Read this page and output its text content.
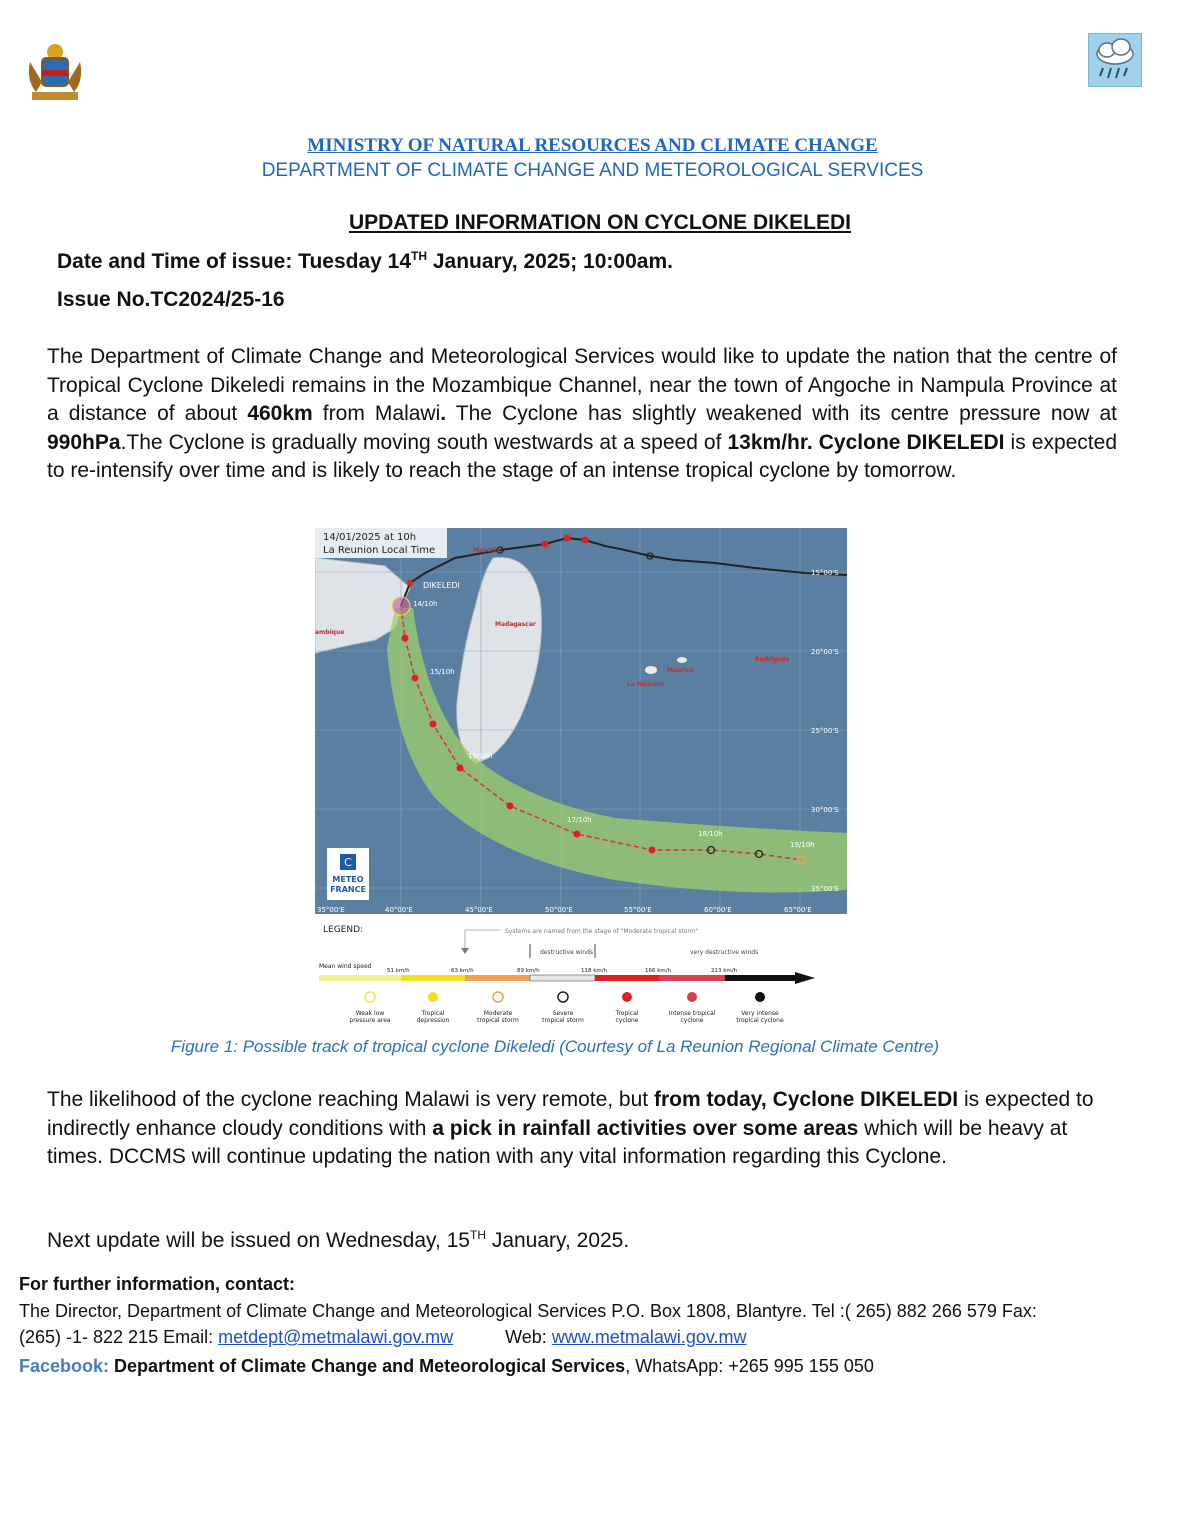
MINISTRY OF NATURAL RESOURCES AND CLIMATE CHANGE
DEPARTMENT OF CLIMATE CHANGE AND METEOROLOGICAL SERVICES
UPDATED INFORMATION ON CYCLONE DIKELEDI
Date and Time of issue: Tuesday 14TH January, 2025; 10:00am.
Issue No.TC2024/25-16
The Department of Climate Change and Meteorological Services would like to update the nation that the centre of Tropical Cyclone Dikeledi remains in the Mozambique Channel, near the town of Angoche in Nampula Province at a distance of about 460km from Malawi. The Cyclone has slightly weakened with its centre pressure now at 990hPa.The Cyclone is gradually moving south westwards at a speed of 13km/hr. Cyclone DIKELEDI is expected to re-intensify over time and is likely to reach the stage of an intense tropical cyclone by tomorrow.
14/10h
15/10h
16/10h
17/10h
18/10h
19/10h
15°00'S
20°00'S
25°00'S
30°00'S
35°00'S
DIKELEDI
Mayotte
Madagascar
Maurice
La Réunion
Rodrigues
ambique
35°00'E	40°00'E	45°00'E	50°00'E	55°00'E	60°00'E	65°00'E
14/01/2025 at 10h
La Reunion Local Time
C
METEO
FRANCE
LEGEND:	Systems are named from the stage of "Moderate tropical storm"
destructive winds	very destructive winds
Mean wind speed
51 km/h	63 km/h	89 km/h	118 km/h	166 km/h	213 km/h
Weak low
pressure area
Tropical
depression
Moderate
tropical storm
Severe
tropical storm
Tropical
cyclone
Intense tropical
cyclone
Very intense
tropical cyclone
Figure 1: Possible track of tropical cyclone Dikeledi (Courtesy of La Reunion Regional Climate Centre)
The likelihood of the cyclone reaching Malawi is very remote, but from today, Cyclone DIKELEDI is expected to indirectly enhance cloudy conditions with a pick in rainfall activities over some areas which will be heavy at times. DCCMS will continue updating the nation with any vital information regarding this Cyclone.
Next update will be issued on Wednesday, 15TH January, 2025.
For further information, contact:
The Director, Department of Climate Change and Meteorological Services P.O. Box 1808, Blantyre. Tel :( 265) 882 266 579 Fax:
(265) -1- 822 215 Email: metdept@metmalawi.gov.mw	Web: www.metmalawi.gov.mw
Facebook: Department of Climate Change and Meteorological Services, WhatsApp: +265 995 155 050
